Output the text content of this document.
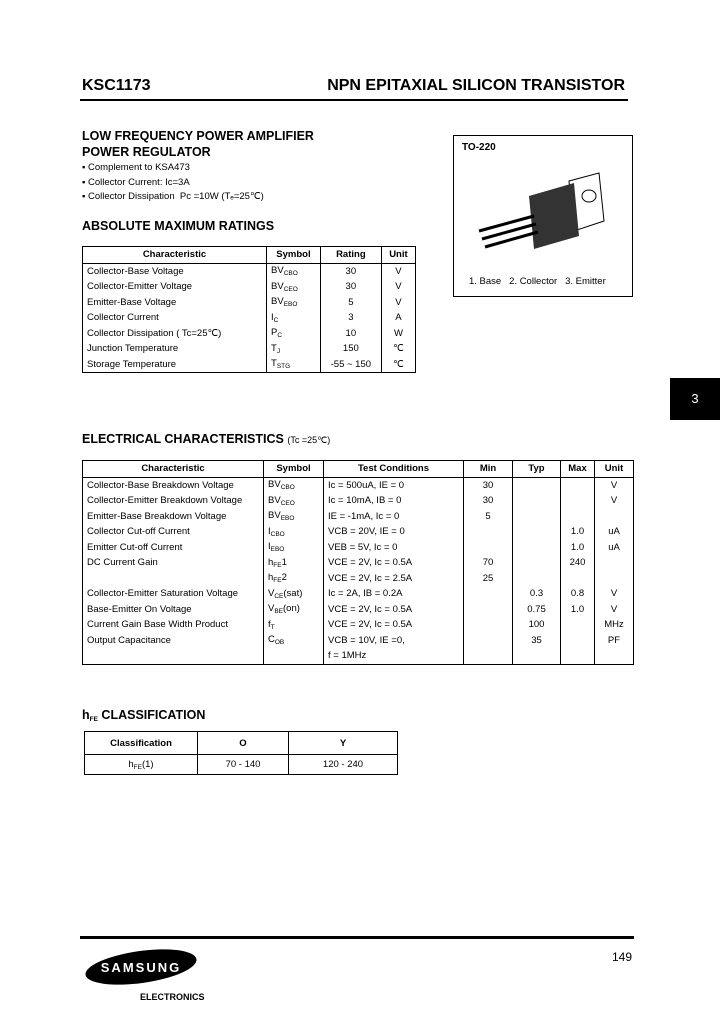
KSC1173	NPN EPITAXIAL SILICON TRANSISTOR
LOW FREQUENCY POWER AMPLIFIER
POWER REGULATOR
▪ Complement to KSA473
▪ Collector Current: Ic=3A
▪ Collector Dissipation  Pc =10W (Tₑ=25℃)
ABSOLUTE MAXIMUM RATINGS
Characteristic	Symbol	Rating	Unit
Collector-Base Voltage	$BV_{CBO}$	30	V
Collector-Emitter Voltage	$BV_{CEO}$	30	V
Emitter-Base Voltage	$BV_{EBO}$	5	V
Collector Current	$I_C$	3	A
Collector Dissipation ( Tc=25℃)	$P_C$	10	W
Junction Temperature	$T_J$	150	℃
Storage Temperature	$T_{STG}$	-55 ~ 150	℃
TO-220
1. Base   2. Collector   3. Emitter
3
ELECTRICAL CHARACTERISTICS (Tc =25℃)
Characteristic	Symbol	Test Conditions	Min	Typ	Max	Unit
Collector-Base Breakdown Voltage	$BV_{CBO}$	Ic = 500uA, IE = 0	30			V
Collector-Emitter Breakdown Voltage	$BV_{CEO}$	Ic = 10mA, IB = 0	30			V
Emitter-Base Breakdown Voltage	$BV_{EBO}$	IE = -1mA, Ic = 0	5			
Collector Cut-off Current	$I_{CBO}$	VCB = 20V, IE = 0			1.0	uA
Emitter Cut-off Current	$I_{EBO}$	VEB = 5V, Ic = 0			1.0	uA
DC Current Gain	$h_{FE}1$	VCE = 2V, Ic = 0.5A	70		240	
	$h_{FE}2$	VCE = 2V, Ic = 2.5A	25			
Collector-Emitter Saturation Voltage	$V_{CE}(sat)$	Ic = 2A, IB = 0.2A		0.3	0.8	V
Base-Emitter On Voltage	$V_{BE}(on)$	VCE = 2V, Ic = 0.5A		0.75	1.0	V
Current Gain Base Width Product	$f_T$	VCE = 2V, Ic = 0.5A		100		MHz
Output Capacitance	$C_{OB}$	VCB = 10V, IE =0,		35		PF
		f = 1MHz				
$h_{FE}$ CLASSIFICATION
Classification	O	Y
$h_{FE}(1)$	70 - 140	120 - 240
SAMSUNG
ELECTRONICS
149
